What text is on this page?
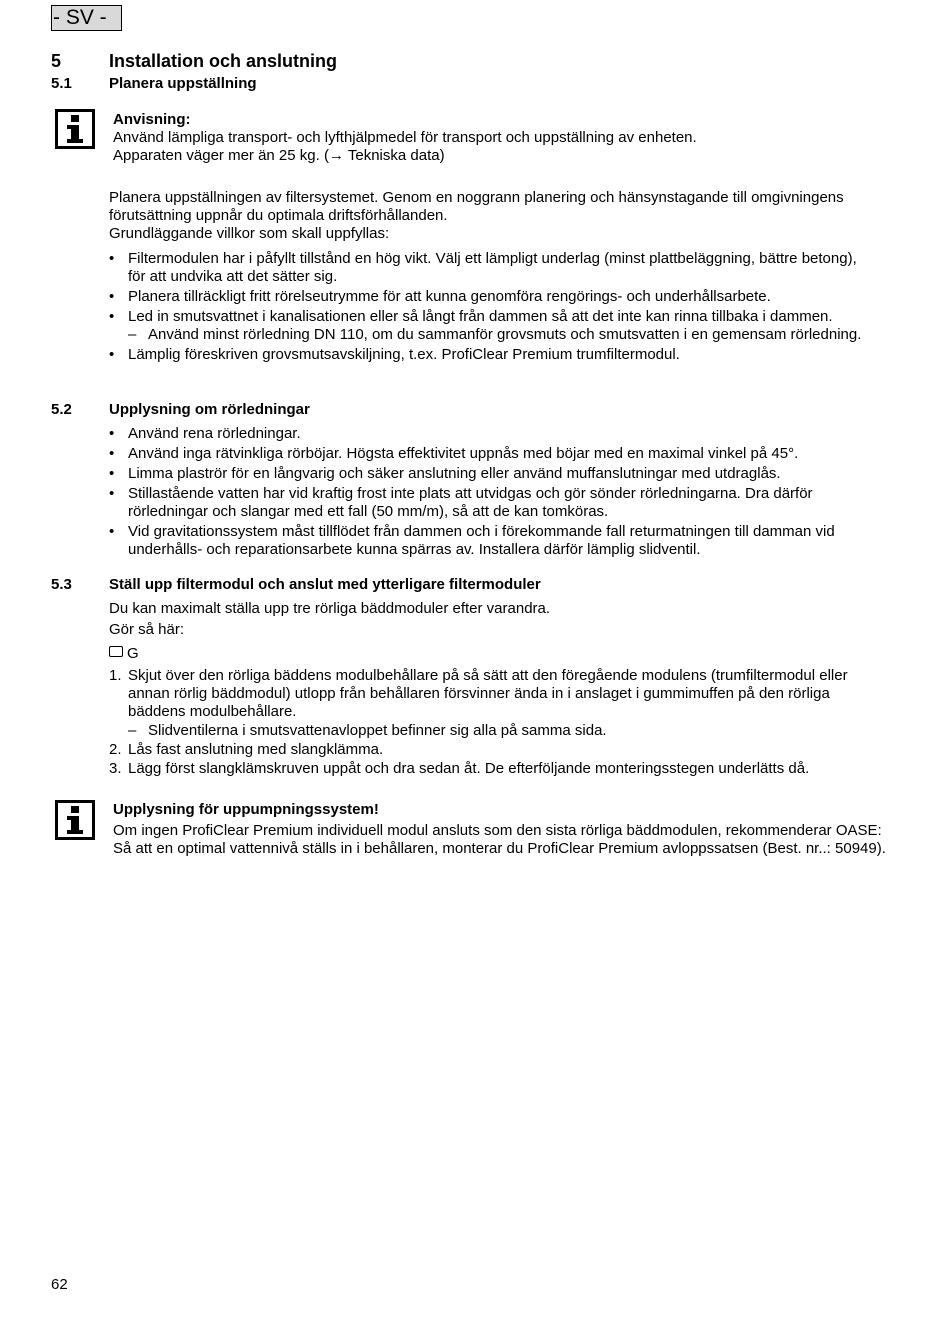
- SV -
5	Installation och anslutning
5.1 Planera uppställning
Anvisning:
Använd lämpliga transport- och lyfthjälpmedel för transport och uppställning av enheten.
Apparaten väger mer än 25 kg. (→ Tekniska data)

Planera uppställningen av filtersystemet. Genom en noggrann planering och hänsynstagande till omgivningens förutsättning uppnår du optimala driftsförhållanden.

Grundläggande villkor som skall uppfyllas:

• Filtermodulen har i påfyllt tillstånd en hög vikt. Välj ett lämpligt underlag (minst plattbeläggning, bättre betong), för att undvika att det sätter sig.
• Planera tillräckligt fritt rörelseutrymme för att kunna genomföra rengörings- och underhållsarbete.
• Led in smutsvattnet i kanalisationen eller så långt från dammen så att det inte kan rinna tillbaka i dammen.
– Använd minst rörledning DN 110, om du sammanför grovsmuts och smutsvatten i en gemensam rörledning.
• Lämplig föreskriven grovsmutsavskiljning, t.ex. ProfiClear Premium trumfiltermodul.
5.2 Upplysning om rörledningar
• Använd rena rörledningar.
• Använd inga rätvinkliga rörböjar. Högsta effektivitet uppnås med böjar med en maximal vinkel på 45°.
• Limma plaströr för en långvarig och säker anslutning eller använd muffanslutningar med utdraglås.
• Stillastående vatten har vid kraftig frost inte plats att utvidgas och gör sönder rörledningarna. Dra därför rörledningar och slangar med ett fall (50 mm/m), så att de kan tomköras.
• Vid gravitationssystem måst tillflödet från dammen och i förekommande fall returmatningen till damman vid underhålls- och reparationsarbete kunna spärras av. Installera därför lämplig slidventil.
5.3 Ställ upp filtermodul och anslut med ytterligare filtermoduler

Du kan maximalt ställa upp tre rörliga bäddmoduler efter varandra.

Gör så här:

G
1. Skjut över den rörliga bäddens modulbehållare på så sätt att den föregående modulens (trumfiltermodul eller annan rörlig bäddmodul) utlopp från behållaren försvinner ända in i anslaget i gummimuffen på den rörliga bäddens modulbehållare.
– Slidventilerna i smutsvattenavloppet befinner sig alla på samma sida.
2. Lås fast anslutning med slangklämma.
3. Lägg först slangklämskruven uppåt och dra sedan åt. De efterföljande monteringsstegen underlätts då.
Upplysning för uppumpningssystem!
Om ingen ProfiClear Premium individuell modul ansluts som den sista rörliga bäddmodulen, rekommenderar OASE: Så att en optimal vattennivå ställs in i behållaren, monterar du ProfiClear Premium avloppssatsen (Best. nr..: 50949).
62
